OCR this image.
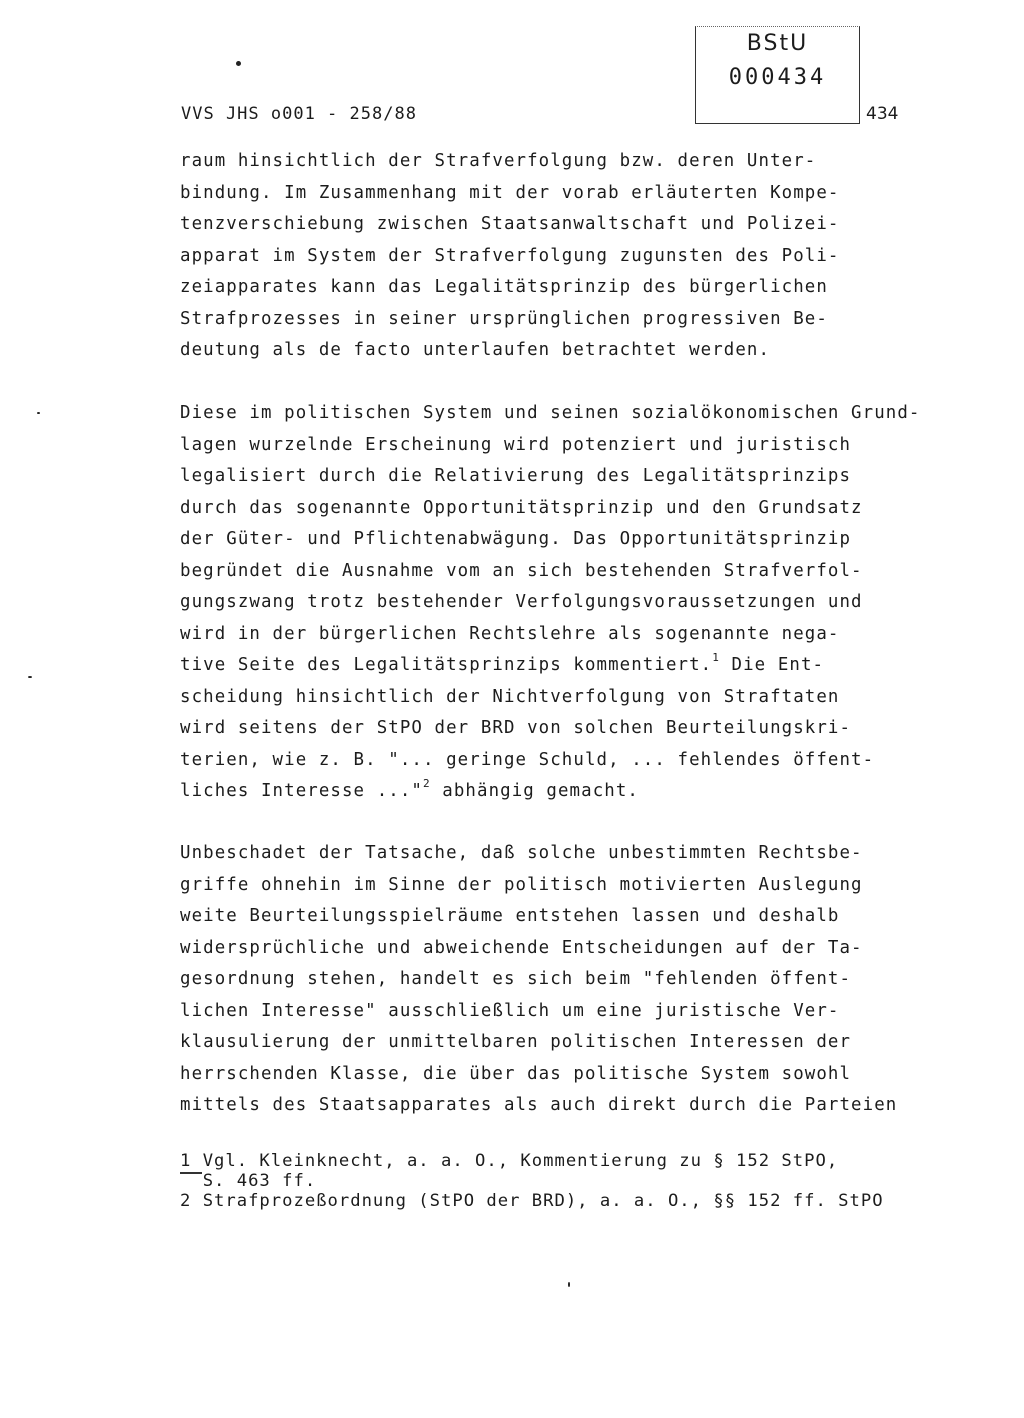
VVS JHS o001 - 258/88
BStU
000434
434
raum hinsichtlich der Strafverfolgung bzw. deren Unter-
bindung. Im Zusammenhang mit der vorab erläuterten Kompe-
tenzverschiebung zwischen Staatsanwaltschaft und Polizei-
apparat im System der Strafverfolgung zugunsten des Poli-
zeiapparates kann das Legalitätsprinzip des bürgerlichen
Strafprozesses in seiner ursprünglichen progressiven Be-
deutung als de facto unterlaufen betrachtet werden.
Diese im politischen System und seinen sozialökonomischen Grund-
lagen wurzelnde Erscheinung wird potenziert und juristisch
legalisiert durch die Relativierung des Legalitätsprinzips
durch das sogenannte Opportunitätsprinzip und den Grundsatz
der Güter- und Pflichtenabwägung. Das Opportunitätsprinzip
begründet die Ausnahme vom an sich bestehenden Strafverfol-
gungszwang trotz bestehender Verfolgungsvoraussetzungen und
wird in der bürgerlichen Rechtslehre als sogenannte nega-
tive Seite des Legalitätsprinzips kommentiert.$^1$ Die Ent-
scheidung hinsichtlich der Nichtverfolgung von Straftaten
wird seitens der StPO der BRD von solchen Beurteilungskri-
terien, wie z. B. "... geringe Schuld, ... fehlendes öffent-
liches Interesse ..."$^2$ abhängig gemacht.
Unbeschadet der Tatsache, daß solche unbestimmten Rechtsbe-
griffe ohnehin im Sinne der politisch motivierten Auslegung
weite Beurteilungsspielräume entstehen lassen und deshalb
widersprüchliche und abweichende Entscheidungen auf der Ta-
gesordnung stehen, handelt es sich beim "fehlenden öffent-
lichen Interesse" ausschließlich um eine juristische Ver-
klausulierung der unmittelbaren politischen Interessen der
herrschenden Klasse, die über das politische System sowohl
mittels des Staatsapparates als auch direkt durch die Parteien
1 Vgl. Kleinknecht, a. a. O., Kommentierung zu § 152 StPO,
S. 463 ff.
2 Strafprozeßordnung (StPO der BRD), a. a. O., §§ 152 ff. StPO
